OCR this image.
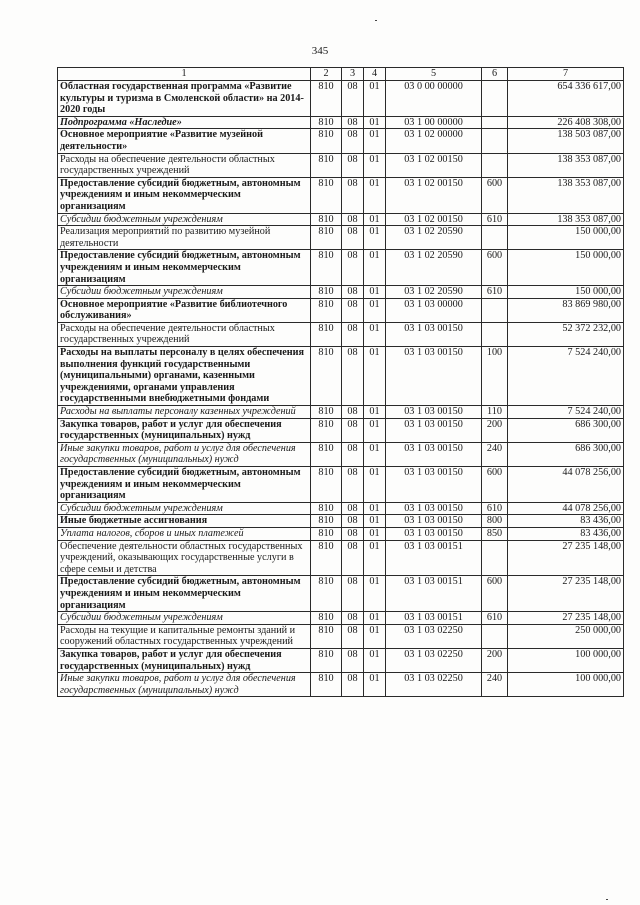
345
1	2	3	4	5	6	7
Областная государственная программа «Развитие культуры и туризма в Смоленской области» на 2014-2020 годы	810	08	01	03 0 00 00000		654 336 617,00
Подпрограмма «Наследие»	810	08	01	03 1 00 00000		226 408 308,00
Основное мероприятие «Развитие музейной деятельности»	810	08	01	03 1 02 00000		138 503 087,00
Расходы на обеспечение деятельности областных государственных учреждений	810	08	01	03 1 02 00150		138 353 087,00
Предоставление субсидий бюджетным, автономным учреждениям и иным некоммерческим организациям	810	08	01	03 1 02 00150	600	138 353 087,00
Субсидии бюджетным учреждениям	810	08	01	03 1 02 00150	610	138 353 087,00
Реализация мероприятий по развитию музейной деятельности	810	08	01	03 1 02 20590		150 000,00
Предоставление субсидий бюджетным, автономным учреждениям и иным некоммерческим организациям	810	08	01	03 1 02 20590	600	150 000,00
Субсидии бюджетным учреждениям	810	08	01	03 1 02 20590	610	150 000,00
Основное мероприятие «Развитие библиотечного обслуживания»	810	08	01	03 1 03 00000		83 869 980,00
Расходы на обеспечение деятельности областных государственных учреждений	810	08	01	03 1 03 00150		52 372 232,00
Расходы на выплаты персоналу в целях обеспечения выполнения функций государственными (муниципальными) органами, казенными учреждениями, органами управления государственными внебюджетными фондами	810	08	01	03 1 03 00150	100	7 524 240,00
Расходы на выплаты персоналу казенных учреждений	810	08	01	03 1 03 00150	110	7 524 240,00
Закупка товаров, работ и услуг для обеспечения государственных (муниципальных) нужд	810	08	01	03 1 03 00150	200	686 300,00
Иные закупки товаров, работ и услуг для обеспечения государственных (муниципальных) нужд	810	08	01	03 1 03 00150	240	686 300,00
Предоставление субсидий бюджетным, автономным учреждениям и иным некоммерческим организациям	810	08	01	03 1 03 00150	600	44 078 256,00
Субсидии бюджетным учреждениям	810	08	01	03 1 03 00150	610	44 078 256,00
Иные бюджетные ассигнования	810	08	01	03 1 03 00150	800	83 436,00
Уплата налогов, сборов и иных платежей	810	08	01	03 1 03 00150	850	83 436,00
Обеспечение деятельности областных государственных учреждений, оказывающих государственные услуги в сфере семьи и детства	810	08	01	03 1 03 00151		27 235 148,00
Предоставление субсидий бюджетным, автономным учреждениям и иным некоммерческим организациям	810	08	01	03 1 03 00151	600	27 235 148,00
Субсидии бюджетным учреждениям	810	08	01	03 1 03 00151	610	27 235 148,00
Расходы на текущие и капитальные ремонты зданий и сооружений областных государственных учреждений	810	08	01	03 1 03 02250		250 000,00
Закупка товаров, работ и услуг для обеспечения государственных (муниципальных) нужд	810	08	01	03 1 03 02250	200	100 000,00
Иные закупки товаров, работ и услуг для обеспечения государственных (муниципальных) нужд	810	08	01	03 1 03 02250	240	100 000,00
